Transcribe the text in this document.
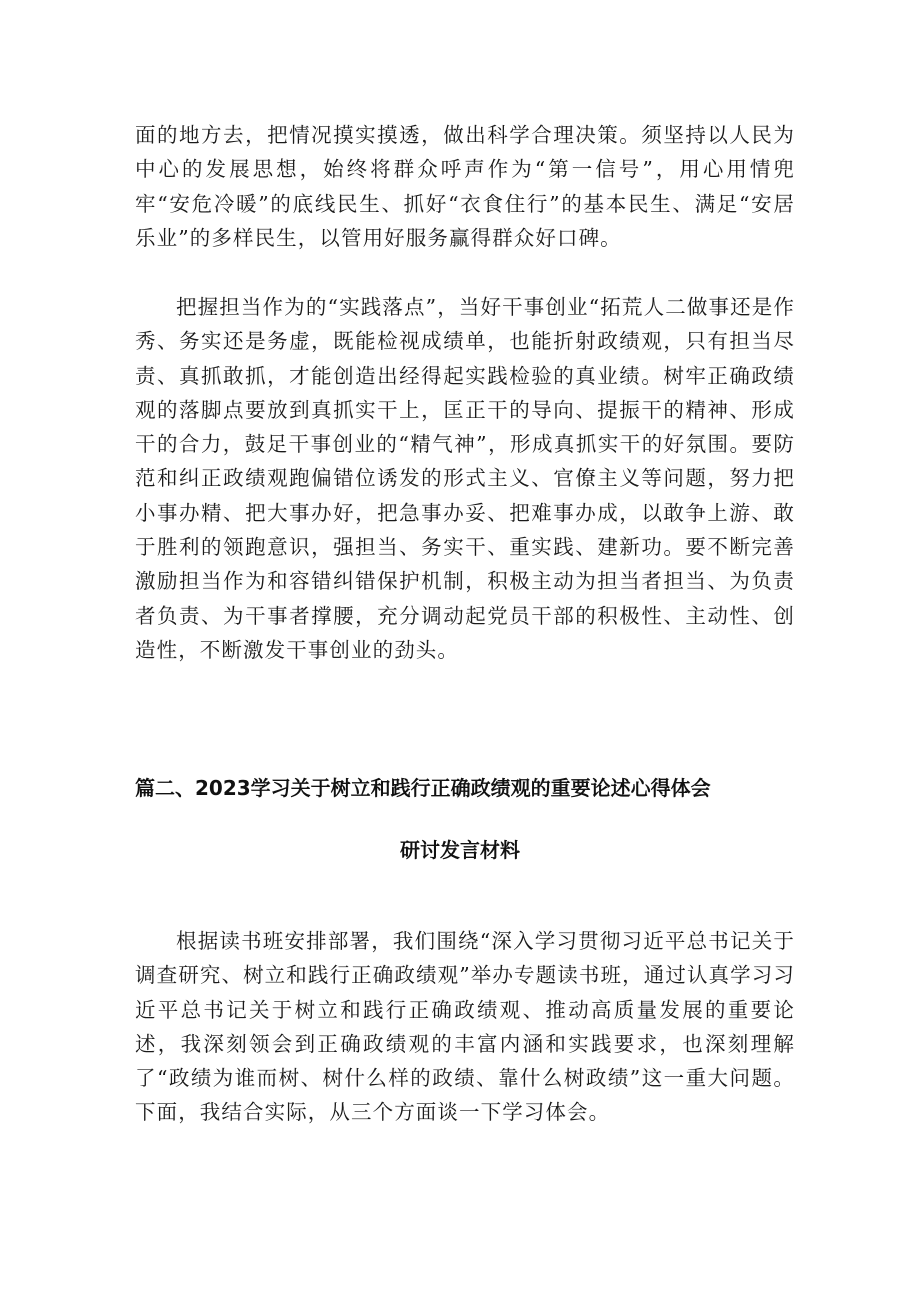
面的地方去，把情况摸实摸透，做出科学合理决策。须坚持以人民为中心的发展思想，始终将群众呼声作为“第一信号”，用心用情兜牢“安危冷暖”的底线民生、抓好“衣食住行”的基本民生、满足“安居乐业”的多样民生，以管用好服务赢得群众好口碑。

把握担当作为的“实践落点”，当好干事创业“拓荒人二做事还是作秀、务实还是务虚，既能检视成绩单，也能折射政绩观，只有担当尽责、真抓敢抓，才能创造出经得起实践检验的真业绩。树牢正确政绩观的落脚点要放到真抓实干上，匡正干的导向、提振干的精神、形成干的合力，鼓足干事创业的“精气神”，形成真抓实干的好氛围。要防范和纠正政绩观跑偏错位诱发的形式主义、官僚主义等问题，努力把小事办精、把大事办好，把急事办妥、把难事办成，以敢争上游、敢于胜利的领跑意识，强担当、务实干、重实践、建新功。要不断完善激励担当作为和容错纠错保护机制，积极主动为担当者担当、为负责者负责、为干事者撑腰，充分调动起党员干部的积极性、主动性、创造性，不断激发干事创业的劲头。

篇二、2023学习关于树立和践行正确政绩观的重要论述心得体会
研讨发言材料

根据读书班安排部署，我们围绕“深入学习贯彻习近平总书记关于调查研究、树立和践行正确政绩观”举办专题读书班，通过认真学习习近平总书记关于树立和践行正确政绩观、推动高质量发展的重要论述，我深刻领会到正确政绩观的丰富内涵和实践要求，也深刻理解了“政绩为谁而树、树什么样的政绩、靠什么树政绩”这一重大问题。下面，我结合实际，从三个方面谈一下学习体会。
